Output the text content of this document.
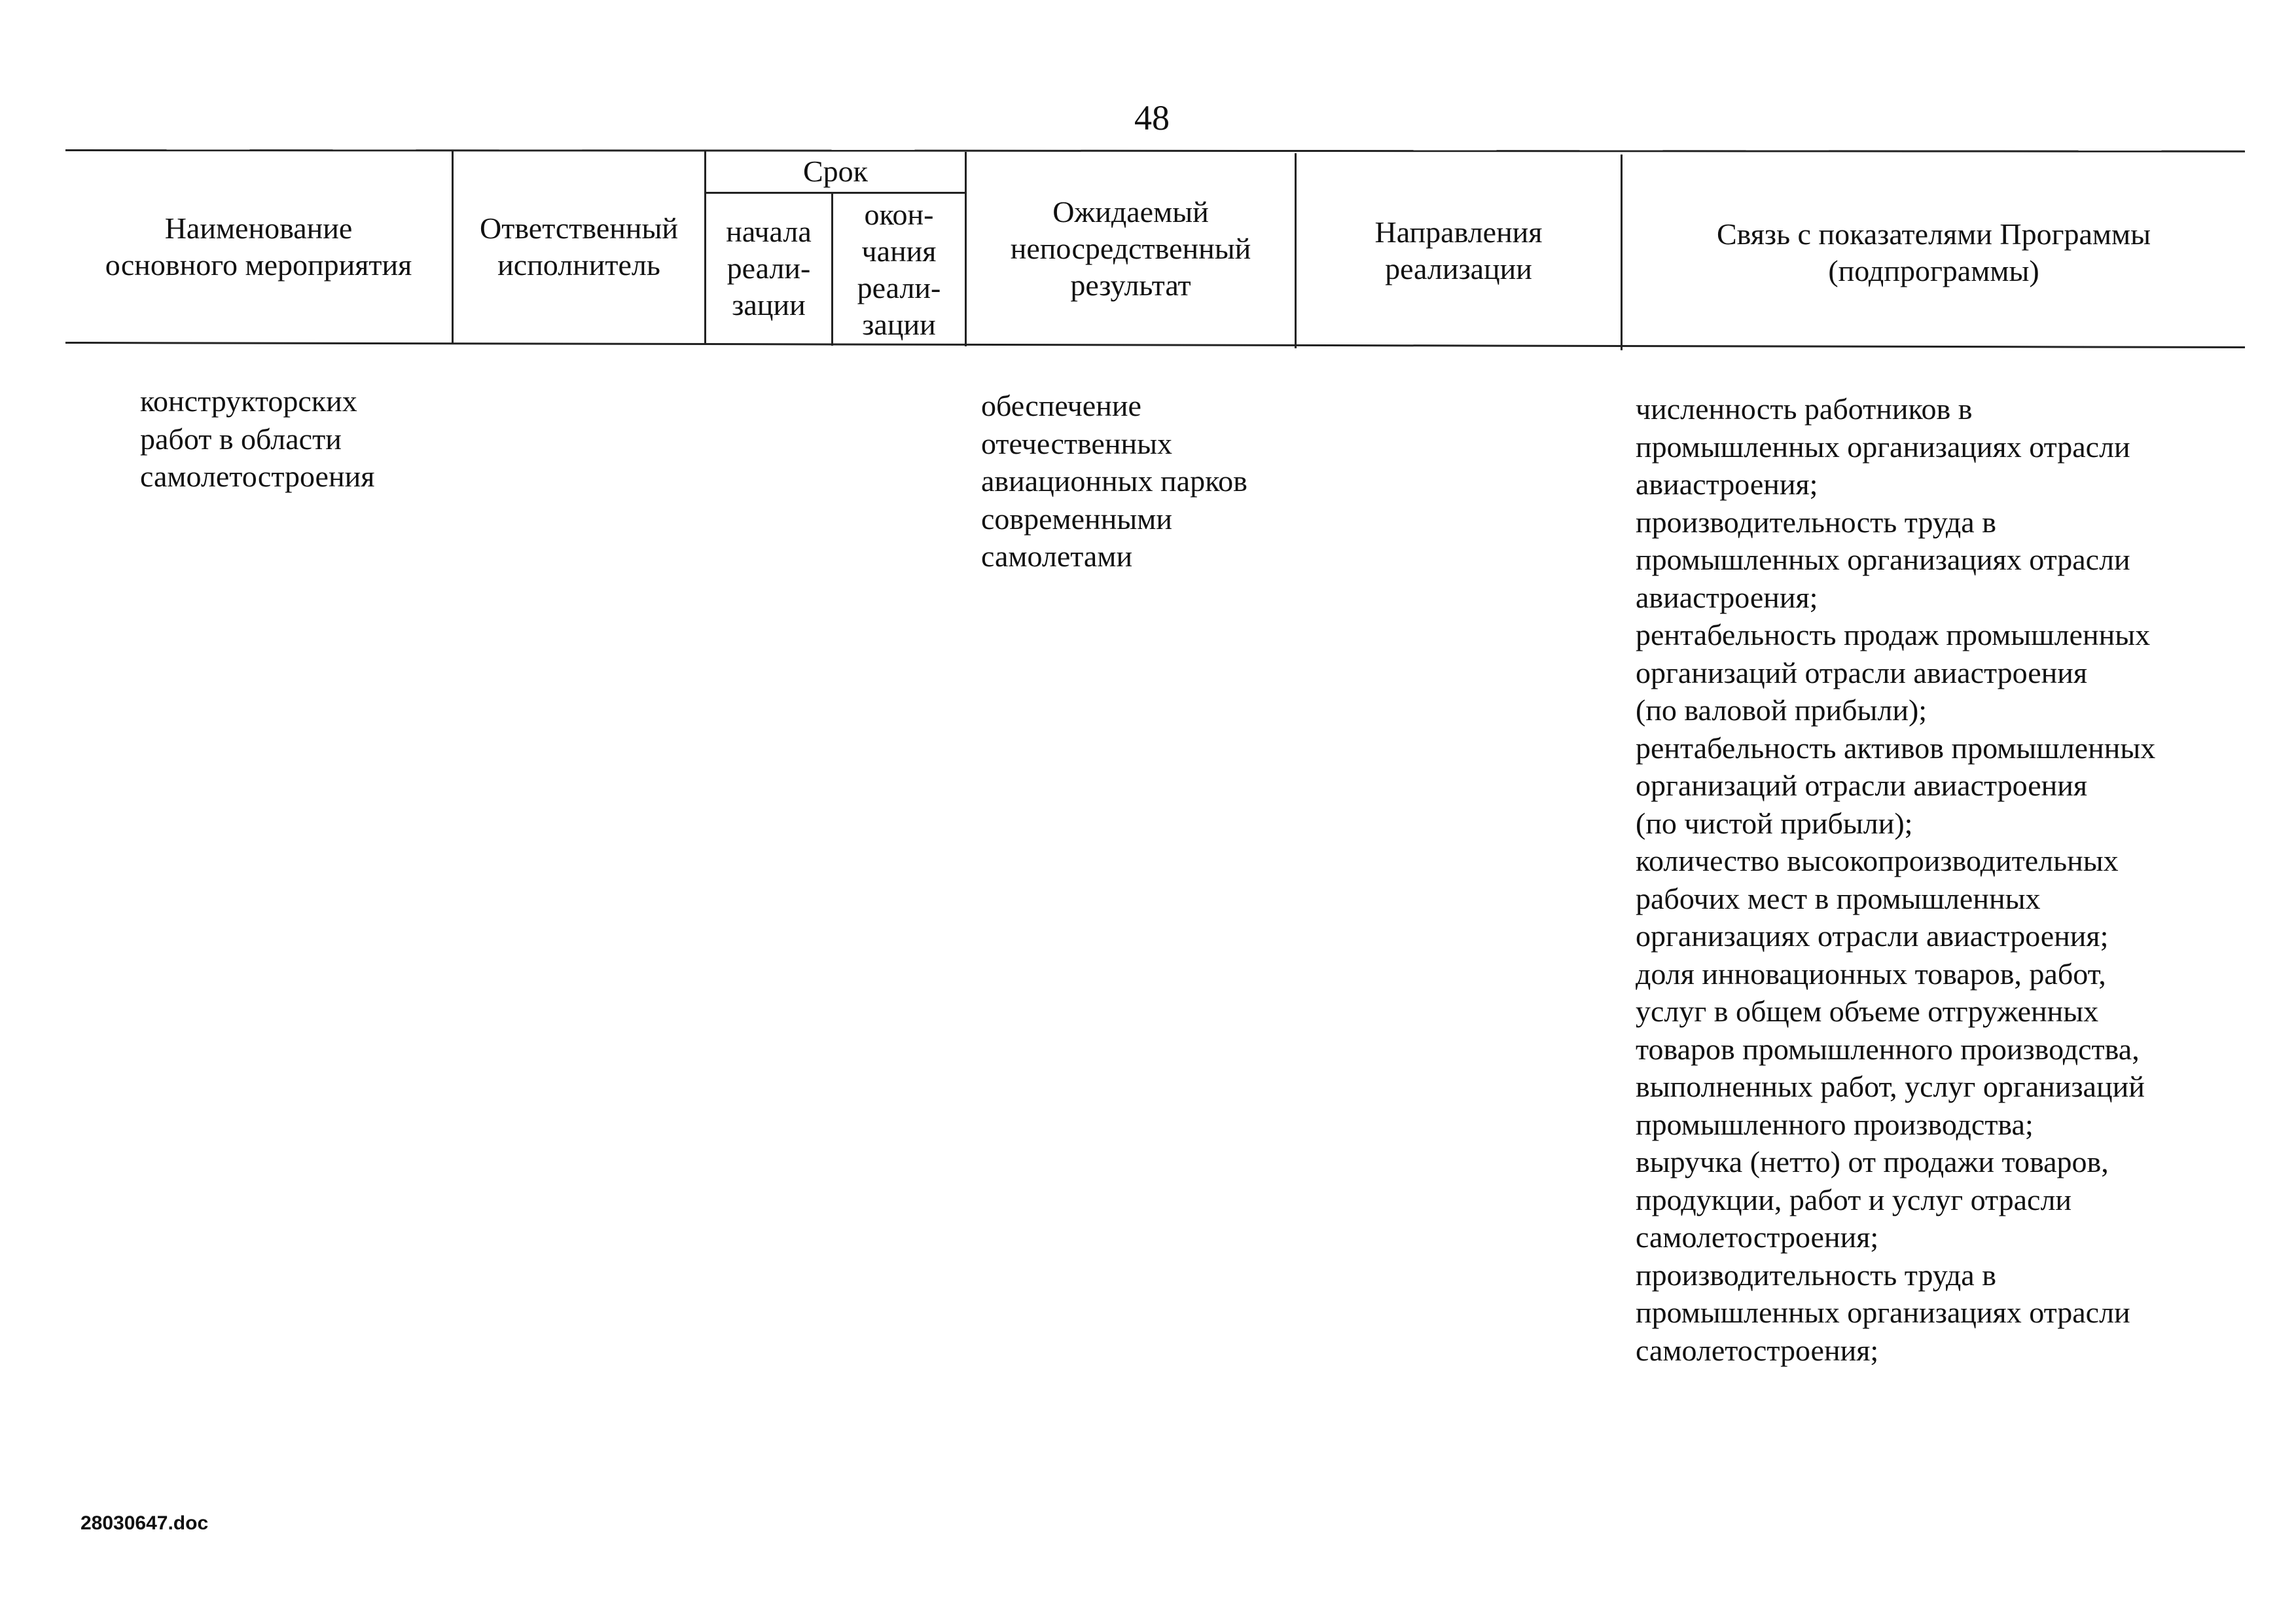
48
Наименование
основного мероприятия
Ответственный
исполнитель
Срок
начала
реали-
зации
окон-
чания
реали-
зации
Ожидаемый
непосредственный
результат
Направления
реализации
Связь с показателями Программы
(подпрограммы)
конструкторских
работ в области
самолетостроения
обеспечение
отечественных
авиационных парков
современными
самолетами
численность работников в
промышленных организациях отрасли
авиастроения;
производительность труда в
промышленных организациях отрасли
авиастроения;
рентабельность продаж промышленных
организаций отрасли авиастроения
(по валовой прибыли);
рентабельность активов промышленных
организаций отрасли авиастроения
(по чистой прибыли);
количество высокопроизводительных
рабочих мест в промышленных
организациях отрасли авиастроения;
доля инновационных товаров, работ,
услуг в общем объеме отгруженных
товаров промышленного производства,
выполненных работ, услуг организаций
промышленного производства;
выручка (нетто) от продажи товаров,
продукции, работ и услуг отрасли
самолетостроения;
производительность труда в
промышленных организациях отрасли
самолетостроения;
28030647.doc
